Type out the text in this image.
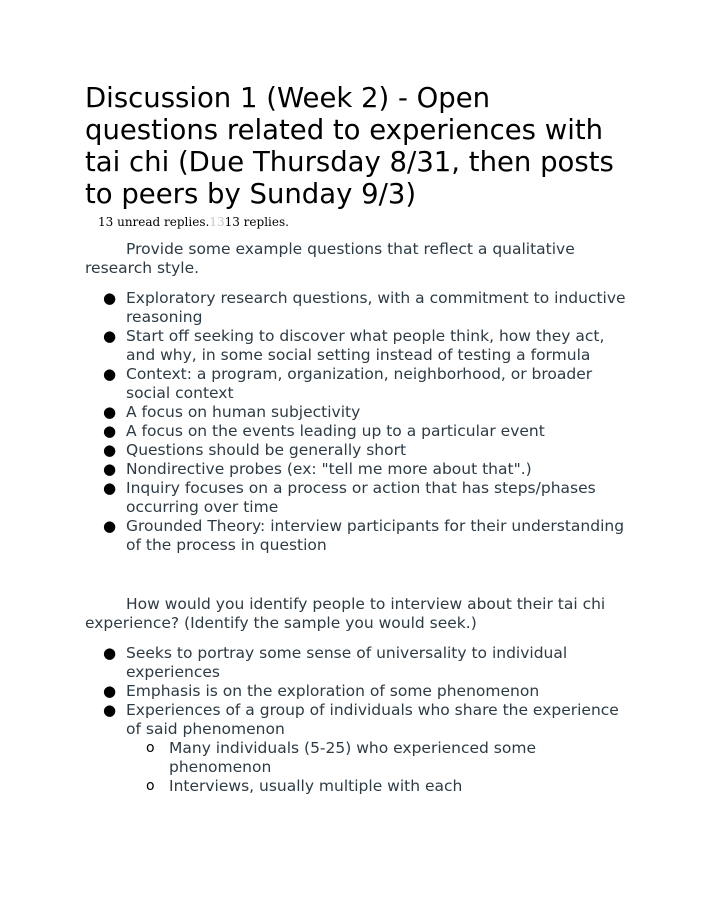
Discussion 1 (Week 2) - Open questions related to experiences with tai chi (Due Thursday 8/31, then posts to peers by Sunday 9/3)
13 unread replies.1313 replies.

Provide some example questions that reflect a qualitative research style.

● Exploratory research questions, with a commitment to inductive reasoning
● Start off seeking to discover what people think, how they act, and why, in some social setting instead of testing a formula
● Context: a program, organization, neighborhood, or broader social context
● A focus on human subjectivity
● A focus on the events leading up to a particular event
● Questions should be generally short
● Nondirective probes (ex: "tell me more about that".)
● Inquiry focuses on a process or action that has steps/phases occurring over time
● Grounded Theory: interview participants for their understanding of the process in question

How would you identify people to interview about their tai chi experience? (Identify the sample you would seek.)

● Seeks to portray some sense of universality to individual experiences
● Emphasis is on the exploration of some phenomenon
● Experiences of a group of individuals who share the experience of said phenomenon
o Many individuals (5-25) who experienced some phenomenon
o Interviews, usually multiple with each
